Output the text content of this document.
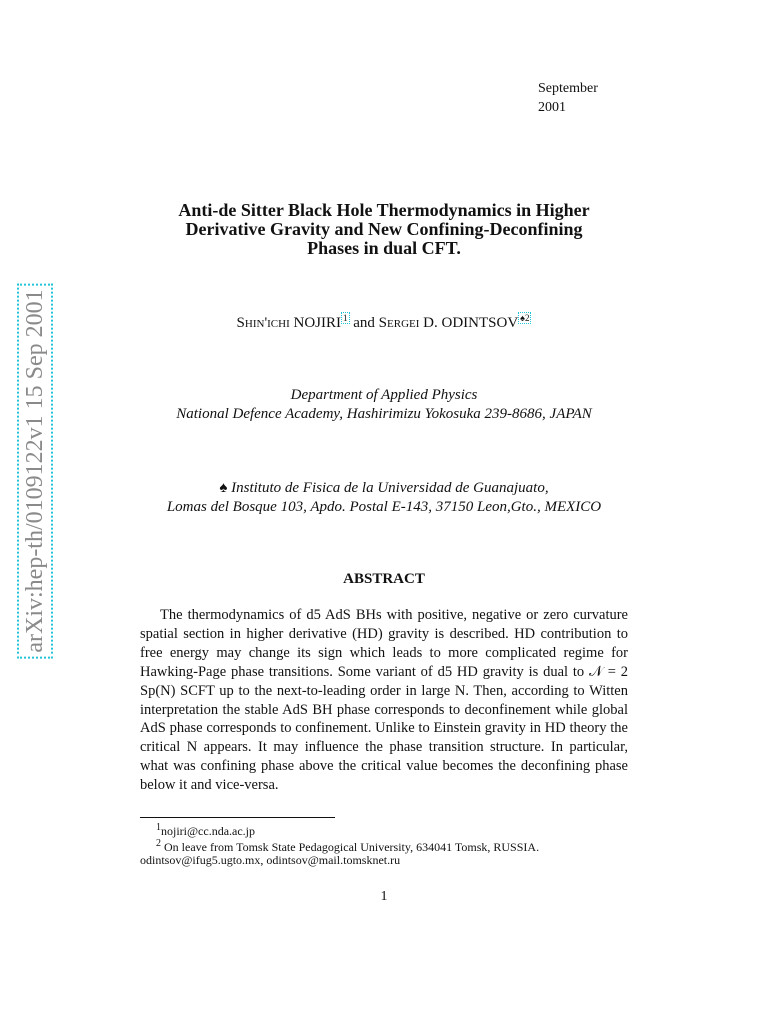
September
2001
arXiv:hep-th/0109122v1 15 Sep 2001
Anti-de Sitter Black Hole Thermodynamics in Higher
Derivative Gravity and New Confining-Deconfining
Phases in dual CFT.
Shin'ichi NOJIRI $^1$ and Sergei D. ODINTSOV $^{♠2}$
Department of Applied Physics
National Defence Academy, Hashirimizu Yokosuka 239-8686, JAPAN
♠ Instituto de Fisica de la Universidad de Guanajuato,
Lomas del Bosque 103, Apdo. Postal E-143, 37150 Leon,Gto., MEXICO
ABSTRACT

The thermodynamics of d5 AdS BHs with positive, negative or zero curvature spatial section in higher derivative (HD) gravity is described. HD contribution to free energy may change its sign which leads to more complicated regime for Hawking-Page phase transitions. Some variant of d5 HD gravity is dual to 𝒩 = 2 Sp(N) SCFT up to the next-to-leading order in large N. Then, according to Witten interpretation the stable AdS BH phase corresponds to deconfinement while global AdS phase corresponds to confinement. Unlike to Einstein gravity in HD theory the critical N appears. It may influence the phase transition structure. In particular, what was confining phase above the critical value becomes the deconfining phase below it and vice-versa.

$^1$nojiri@cc.nda.ac.jp
$^2$ On leave from Tomsk State Pedagogical University, 634041 Tomsk, RUSSIA.
odintsov@ifug5.ugto.mx, odintsov@mail.tomsknet.ru
1
